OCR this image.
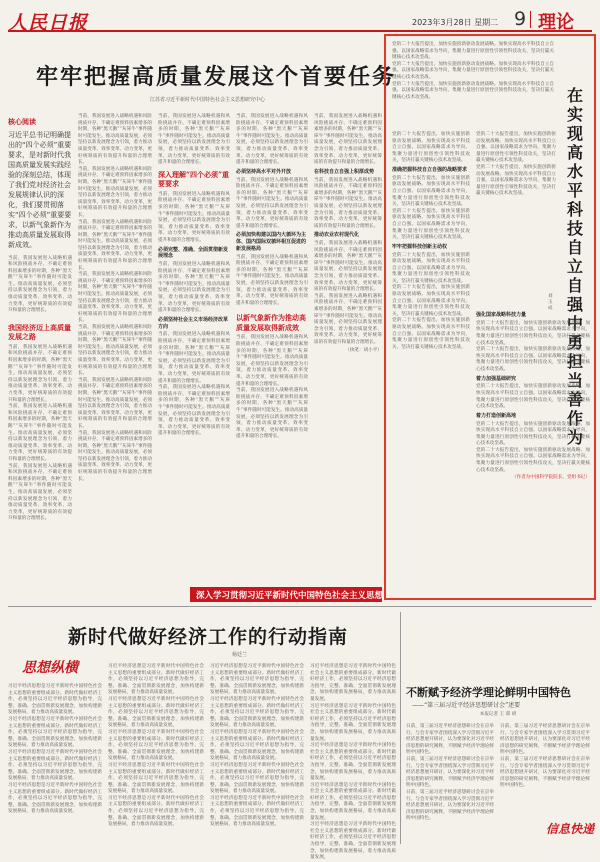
人民日报	2023年3月28日 星期二 9 理论
牢牢把握高质量发展这个首要任务
江苏省习近平新时代中国特色社会主义思想研究中心
核心阅读
习近平总书记明确提出的“四个必须”重要要求，是对新时代我国高质量发展实践经验的深刻总结，体现了我们党对经济社会发展规律认识的深化，我们要贯彻落实“四个必须”重要要求，以新气象新作为推动高质量发展取得新成效。
当前，我国发展进入战略机遇和风险挑战并存、不确定难预料因素增多的时期，各种“黑天鹅”“灰犀牛”事件随时可能发生。推动高质量发展，必须坚持以新发展理念为引领，着力推动质量变革、效率变革、动力变革，更好统筹质的有效提升和量的合理增长。
我国经济迈上高质量发展之路
当前，我国发展进入战略机遇和风险挑战并存、不确定难预料因素增多的时期，各种“黑天鹅”“灰犀牛”事件随时可能发生。推动高质量发展，必须坚持以新发展理念为引领，着力推动质量变革、效率变革、动力变革，更好统筹质的有效提升和量的合理增长。
当前，我国发展进入战略机遇和风险挑战并存、不确定难预料因素增多的时期，各种“黑天鹅”“灰犀牛”事件随时可能发生。推动高质量发展，必须坚持以新发展理念为引领，着力推动质量变革、效率变革、动力变革，更好统筹质的有效提升和量的合理增长。
当前，我国发展进入战略机遇和风险挑战并存、不确定难预料因素增多的时期，各种“黑天鹅”“灰犀牛”事件随时可能发生。推动高质量发展，必须坚持以新发展理念为引领，着力推动质量变革、效率变革、动力变革，更好统筹质的有效提升和量的合理增长。
当前，我国发展进入战略机遇和风险挑战并存、不确定难预料因素增多的时期，各种“黑天鹅”“灰犀牛”事件随时可能发生。推动高质量发展，必须坚持以新发展理念为引领，着力推动质量变革、效率变革、动力变革，更好统筹质的有效提升和量的合理增长。
当前，我国发展进入战略机遇和风险挑战并存、不确定难预料因素增多的时期，各种“黑天鹅”“灰犀牛”事件随时可能发生。推动高质量发展，必须坚持以新发展理念为引领，着力推动质量变革、效率变革、动力变革，更好统筹质的有效提升和量的合理增长。
当前，我国发展进入战略机遇和风险挑战并存、不确定难预料因素增多的时期，各种“黑天鹅”“灰犀牛”事件随时可能发生。推动高质量发展，必须坚持以新发展理念为引领，着力推动质量变革、效率变革、动力变革，更好统筹质的有效提升和量的合理增长。
当前，我国发展进入战略机遇和风险挑战并存、不确定难预料因素增多的时期，各种“黑天鹅”“灰犀牛”事件随时可能发生。推动高质量发展，必须坚持以新发展理念为引领，着力推动质量变革、效率变革、动力变革，更好统筹质的有效提升和量的合理增长。
当前，我国发展进入战略机遇和风险挑战并存、不确定难预料因素增多的时期，各种“黑天鹅”“灰犀牛”事件随时可能发生。推动高质量发展，必须坚持以新发展理念为引领，着力推动质量变革、效率变革、动力变革，更好统筹质的有效提升和量的合理增长。
当前，我国发展进入战略机遇和风险挑战并存、不确定难预料因素增多的时期，各种“黑天鹅”“灰犀牛”事件随时可能发生。推动高质量发展，必须坚持以新发展理念为引领，着力推动质量变革、效率变革、动力变革，更好统筹质的有效提升和量的合理增长。
当前，我国发展进入战略机遇和风险挑战并存、不确定难预料因素增多的时期，各种“黑天鹅”“灰犀牛”事件随时可能发生。推动高质量发展，必须坚持以新发展理念为引领，着力推动质量变革、效率变革、动力变革，更好统筹质的有效提升和量的合理增长。
当前，我国发展进入战略机遇和风险挑战并存、不确定难预料因素增多的时期，各种“黑天鹅”“灰犀牛”事件随时可能发生。推动高质量发展，必须坚持以新发展理念为引领，着力推动质量变革、效率变革、动力变革，更好统筹质的有效提升和量的合理增长。
深入理解“四个必须”重要要求
当前，我国发展进入战略机遇和风险挑战并存、不确定难预料因素增多的时期，各种“黑天鹅”“灰犀牛”事件随时可能发生。推动高质量发展，必须坚持以新发展理念为引领，着力推动质量变革、效率变革、动力变革，更好统筹质的有效提升和量的合理增长。
必须完整、准确、全面贯彻新发展理念
当前，我国发展进入战略机遇和风险挑战并存、不确定难预料因素增多的时期，各种“黑天鹅”“灰犀牛”事件随时可能发生。推动高质量发展，必须坚持以新发展理念为引领，着力推动质量变革、效率变革、动力变革，更好统筹质的有效提升和量的合理增长。
必须坚持社会主义市场经济改革方向
当前，我国发展进入战略机遇和风险挑战并存、不确定难预料因素增多的时期，各种“黑天鹅”“灰犀牛”事件随时可能发生。推动高质量发展，必须坚持以新发展理念为引领，着力推动质量变革、效率变革、动力变革，更好统筹质的有效提升和量的合理增长。
当前，我国发展进入战略机遇和风险挑战并存、不确定难预料因素增多的时期，各种“黑天鹅”“灰犀牛”事件随时可能发生。推动高质量发展，必须坚持以新发展理念为引领，着力推动质量变革、效率变革、动力变革，更好统筹质的有效提升和量的合理增长。
当前，我国发展进入战略机遇和风险挑战并存、不确定难预料因素增多的时期，各种“黑天鹅”“灰犀牛”事件随时可能发生。推动高质量发展，必须坚持以新发展理念为引领，着力推动质量变革、效率变革、动力变革，更好统筹质的有效提升和量的合理增长。
必须坚持高水平对外开放
当前，我国发展进入战略机遇和风险挑战并存、不确定难预料因素增多的时期，各种“黑天鹅”“灰犀牛”事件随时可能发生。推动高质量发展，必须坚持以新发展理念为引领，着力推动质量变革、效率变革、动力变革，更好统筹质的有效提升和量的合理增长。
必须加快构建以国内大循环为主体、国内国际双循环相互促进的新发展格局
当前，我国发展进入战略机遇和风险挑战并存、不确定难预料因素增多的时期，各种“黑天鹅”“灰犀牛”事件随时可能发生。推动高质量发展，必须坚持以新发展理念为引领，着力推动质量变革、效率变革、动力变革，更好统筹质的有效提升和量的合理增长。
以新气象新作为推动高质量发展取得新成效
当前，我国发展进入战略机遇和风险挑战并存、不确定难预料因素增多的时期，各种“黑天鹅”“灰犀牛”事件随时可能发生。推动高质量发展，必须坚持以新发展理念为引领，着力推动质量变革、效率变革、动力变革，更好统筹质的有效提升和量的合理增长。
当前，我国发展进入战略机遇和风险挑战并存、不确定难预料因素增多的时期，各种“黑天鹅”“灰犀牛”事件随时可能发生。推动高质量发展，必须坚持以新发展理念为引领，着力推动质量变革、效率变革、动力变革，更好统筹质的有效提升和量的合理增长。
当前，我国发展进入战略机遇和风险挑战并存、不确定难预料因素增多的时期，各种“黑天鹅”“灰犀牛”事件随时可能发生。推动高质量发展，必须坚持以新发展理念为引领，着力推动质量变革、效率变革、动力变革，更好统筹质的有效提升和量的合理增长。
在科技自立自强上积厚成势
当前，我国发展进入战略机遇和风险挑战并存、不确定难预料因素增多的时期，各种“黑天鹅”“灰犀牛”事件随时可能发生。推动高质量发展，必须坚持以新发展理念为引领，着力推动质量变革、效率变革、动力变革，更好统筹质的有效提升和量的合理增长。
推动农业农村现代化
当前，我国发展进入战略机遇和风险挑战并存、不确定难预料因素增多的时期，各种“黑天鹅”“灰犀牛”事件随时可能发生。推动高质量发展，必须坚持以新发展理念为引领，着力推动质量变革、效率变革、动力变革，更好统筹质的有效提升和量的合理增长。
当前，我国发展进入战略机遇和风险挑战并存、不确定难预料因素增多的时期，各种“黑天鹅”“灰犀牛”事件随时可能发生。推动高质量发展，必须坚持以新发展理念为引领，着力推动质量变革、效率变革、动力变革，更好统筹质的有效提升和量的合理增长。
（执笔：胡小平）
党的二十大报告提出，加快实施创新驱动发展战略。加快实现高水平科技自立自强。以国家战略需求为导向，集聚力量进行原创性引领性科技攻关，坚决打赢关键核心技术攻坚战。
党的二十大报告提出，加快实施创新驱动发展战略。加快实现高水平科技自立自强。以国家战略需求为导向，集聚力量进行原创性引领性科技攻关，坚决打赢关键核心技术攻坚战。
党的二十大报告提出，加快实施创新驱动发展战略。加快实现高水平科技自立自强。以国家战略需求为导向，集聚力量进行原创性引领性科技攻关，坚决打赢关键核心技术攻坚战。	在实现高水平科技自立自强中勇担当善作为
刘玉成
党的二十大报告提出，加快实施创新驱动发展战略。加快实现高水平科技自立自强。以国家战略需求为导向，集聚力量进行原创性引领性科技攻关，坚决打赢关键核心技术攻坚战。
准确把握科技自立自强的战略要求
党的二十大报告提出，加快实施创新驱动发展战略。加快实现高水平科技自立自强。以国家战略需求为导向，集聚力量进行原创性引领性科技攻关，坚决打赢关键核心技术攻坚战。
党的二十大报告提出，加快实施创新驱动发展战略。加快实现高水平科技自立自强。以国家战略需求为导向，集聚力量进行原创性引领性科技攻关，坚决打赢关键核心技术攻坚战。
牢牢把握科技创新主动权
党的二十大报告提出，加快实施创新驱动发展战略。加快实现高水平科技自立自强。以国家战略需求为导向，集聚力量进行原创性引领性科技攻关，坚决打赢关键核心技术攻坚战。
党的二十大报告提出，加快实施创新驱动发展战略。加快实现高水平科技自立自强。以国家战略需求为导向，集聚力量进行原创性引领性科技攻关，坚决打赢关键核心技术攻坚战。
党的二十大报告提出，加快实施创新驱动发展战略。加快实现高水平科技自立自强。以国家战略需求为导向，集聚力量进行原创性引领性科技攻关，坚决打赢关键核心技术攻坚战。
党的二十大报告提出，加快实施创新驱动发展战略。加快实现高水平科技自立自强。以国家战略需求为导向，集聚力量进行原创性引领性科技攻关，坚决打赢关键核心技术攻坚战。
党的二十大报告提出，加快实施创新驱动发展战略。加快实现高水平科技自立自强。以国家战略需求为导向，集聚力量进行原创性引领性科技攻关，坚决打赢关键核心技术攻坚战。
强化国家战略科技力量
党的二十大报告提出，加快实施创新驱动发展战略。加快实现高水平科技自立自强。以国家战略需求为导向，集聚力量进行原创性引领性科技攻关，坚决打赢关键核心技术攻坚战。
党的二十大报告提出，加快实施创新驱动发展战略。加快实现高水平科技自立自强。以国家战略需求为导向，集聚力量进行原创性引领性科技攻关，坚决打赢关键核心技术攻坚战。
着力加强基础研究
党的二十大报告提出，加快实施创新驱动发展战略。加快实现高水平科技自立自强。以国家战略需求为导向，集聚力量进行原创性引领性科技攻关，坚决打赢关键核心技术攻坚战。
着力打造创新高地
党的二十大报告提出，加快实施创新驱动发展战略。加快实现高水平科技自立自强。以国家战略需求为导向，集聚力量进行原创性引领性科技攻关，坚决打赢关键核心技术攻坚战。
党的二十大报告提出，加快实施创新驱动发展战略。加快实现高水平科技自立自强。以国家战略需求为导向，集聚力量进行原创性引领性科技攻关，坚决打赢关键核心技术攻坚战。
（作者为中国科学院院长、党组书记）
深入学习贯彻习近平新时代中国特色社会主义思想
新时代做好经济工作的行动指南
杨廷兰
思想纵横
习近平经济思想是习近平新时代中国特色社会主义思想的重要组成部分。新时代做好经济工作，必须坚持以习近平经济思想为指导，完整、准确、全面贯彻新发展理念，加快构建新发展格局，着力推动高质量发展。
习近平经济思想是习近平新时代中国特色社会主义思想的重要组成部分。新时代做好经济工作，必须坚持以习近平经济思想为指导，完整、准确、全面贯彻新发展理念，加快构建新发展格局，着力推动高质量发展。
习近平经济思想是习近平新时代中国特色社会主义思想的重要组成部分。新时代做好经济工作，必须坚持以习近平经济思想为指导，完整、准确、全面贯彻新发展理念，加快构建新发展格局，着力推动高质量发展。
习近平经济思想是习近平新时代中国特色社会主义思想的重要组成部分。新时代做好经济工作，必须坚持以习近平经济思想为指导，完整、准确、全面贯彻新发展理念，加快构建新发展格局，着力推动高质量发展。
习近平经济思想是习近平新时代中国特色社会主义思想的重要组成部分。新时代做好经济工作，必须坚持以习近平经济思想为指导，完整、准确、全面贯彻新发展理念，加快构建新发展格局，着力推动高质量发展。
习近平经济思想是习近平新时代中国特色社会主义思想的重要组成部分。新时代做好经济工作，必须坚持以习近平经济思想为指导，完整、准确、全面贯彻新发展理念，加快构建新发展格局，着力推动高质量发展。
习近平经济思想是习近平新时代中国特色社会主义思想的重要组成部分。新时代做好经济工作，必须坚持以习近平经济思想为指导，完整、准确、全面贯彻新发展理念，加快构建新发展格局，着力推动高质量发展。
习近平经济思想是习近平新时代中国特色社会主义思想的重要组成部分。新时代做好经济工作，必须坚持以习近平经济思想为指导，完整、准确、全面贯彻新发展理念，加快构建新发展格局，着力推动高质量发展。
习近平经济思想是习近平新时代中国特色社会主义思想的重要组成部分。新时代做好经济工作，必须坚持以习近平经济思想为指导，完整、准确、全面贯彻新发展理念，加快构建新发展格局，着力推动高质量发展。
习近平经济思想是习近平新时代中国特色社会主义思想的重要组成部分。新时代做好经济工作，必须坚持以习近平经济思想为指导，完整、准确、全面贯彻新发展理念，加快构建新发展格局，着力推动高质量发展。
习近平经济思想是习近平新时代中国特色社会主义思想的重要组成部分。新时代做好经济工作，必须坚持以习近平经济思想为指导，完整、准确、全面贯彻新发展理念，加快构建新发展格局，着力推动高质量发展。
习近平经济思想是习近平新时代中国特色社会主义思想的重要组成部分。新时代做好经济工作，必须坚持以习近平经济思想为指导，完整、准确、全面贯彻新发展理念，加快构建新发展格局，着力推动高质量发展。
习近平经济思想是习近平新时代中国特色社会主义思想的重要组成部分。新时代做好经济工作，必须坚持以习近平经济思想为指导，完整、准确、全面贯彻新发展理念，加快构建新发展格局，着力推动高质量发展。
习近平经济思想是习近平新时代中国特色社会主义思想的重要组成部分。新时代做好经济工作，必须坚持以习近平经济思想为指导，完整、准确、全面贯彻新发展理念，加快构建新发展格局，着力推动高质量发展。
习近平经济思想是习近平新时代中国特色社会主义思想的重要组成部分。新时代做好经济工作，必须坚持以习近平经济思想为指导，完整、准确、全面贯彻新发展理念，加快构建新发展格局，着力推动高质量发展。
习近平经济思想是习近平新时代中国特色社会主义思想的重要组成部分。新时代做好经济工作，必须坚持以习近平经济思想为指导，完整、准确、全面贯彻新发展理念，加快构建新发展格局，着力推动高质量发展。
习近平经济思想是习近平新时代中国特色社会主义思想的重要组成部分。新时代做好经济工作，必须坚持以习近平经济思想为指导，完整、准确、全面贯彻新发展理念，加快构建新发展格局，着力推动高质量发展。
习近平经济思想是习近平新时代中国特色社会主义思想的重要组成部分。新时代做好经济工作，必须坚持以习近平经济思想为指导，完整、准确、全面贯彻新发展理念，加快构建新发展格局，着力推动高质量发展。
习近平经济思想是习近平新时代中国特色社会主义思想的重要组成部分。新时代做好经济工作，必须坚持以习近平经济思想为指导，完整、准确、全面贯彻新发展理念，加快构建新发展格局，着力推动高质量发展。
不断赋予经济学理论鲜明中国特色
——“第三届习近平经济思想研讨会”述要
本报记者 王 郑 胡
日前，第三届习近平经济思想研讨会在京举行。与会专家学者围绕深入学习贯彻习近平经济思想展开研讨，认为要深化对习近平经济思想的研究阐释，不断赋予经济学理论鲜明中国特色。
日前，第三届习近平经济思想研讨会在京举行。与会专家学者围绕深入学习贯彻习近平经济思想展开研讨，认为要深化对习近平经济思想的研究阐释，不断赋予经济学理论鲜明中国特色。
日前，第三届习近平经济思想研讨会在京举行。与会专家学者围绕深入学习贯彻习近平经济思想展开研讨，认为要深化对习近平经济思想的研究阐释，不断赋予经济学理论鲜明中国特色。
日前，第三届习近平经济思想研讨会在京举行。与会专家学者围绕深入学习贯彻习近平经济思想展开研讨，认为要深化对习近平经济思想的研究阐释，不断赋予经济学理论鲜明中国特色。
日前，第三届习近平经济思想研讨会在京举行。与会专家学者围绕深入学习贯彻习近平经济思想展开研讨，认为要深化对习近平经济思想的研究阐释，不断赋予经济学理论鲜明中国特色。
信息快递
